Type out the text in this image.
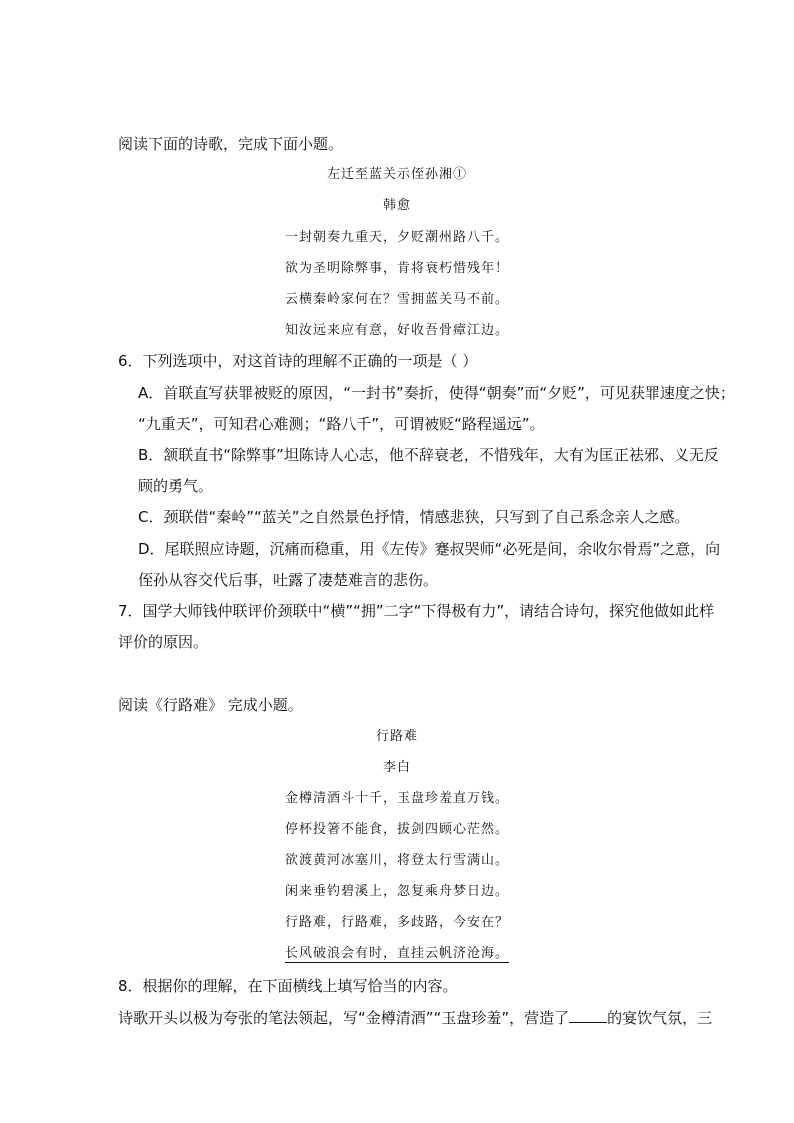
阅读下面的诗歌，完成下面小题。
左迁至蓝关示侄孙湘①
韩愈
一封朝奏九重天，夕贬潮州路八千。
欲为圣明除弊事，肯将衰朽惜残年！
云横秦岭家何在？雪拥蓝关马不前。
知汝远来应有意，好收吾骨瘴江边。
6．下列选项中，对这首诗的理解不正确的一项是（ ）
A．首联直写获罪被贬的原因，“一封书”奏折，使得“朝奏”而“夕贬”，可见获罪速度之快；
“九重天”，可知君心难测；“路八千”，可谓被贬“路程遥远”。
B．颔联直书“除弊事”坦陈诗人心志，他不辞衰老，不惜残年，大有为匡正祛邪、义无反
顾的勇气。
C．颈联借“秦岭”“蓝关”之自然景色抒情，情感悲狭，只写到了自己系念亲人之感。
D．尾联照应诗题，沉痛而稳重，用《左传》蹇叔哭师“必死是间，余收尔骨焉”之意，向
侄孙从容交代后事，吐露了凄楚难言的悲伤。
7．国学大师钱仲联评价颈联中“横”“拥”二字“下得极有力”，请结合诗句，探究他做如此样
评价的原因。
阅读《行路难》 完成小题。
行路难
李白
金樽清酒斗十千，玉盘珍羞直万钱。
停杯投箸不能食，拔剑四顾心茫然。
欲渡黄河冰塞川，将登太行雪满山。
闲来垂钓碧溪上，忽复乘舟梦日边。
行路难，行路难，多歧路，今安在？
长风破浪会有时，直挂云帆济沧海。
8．根据你的理解，在下面横线上填写恰当的内容。
诗歌开头以极为夸张的笔法领起，写“金樽清酒”“玉盘珍羞”，营造了	的宴饮气氛，三
